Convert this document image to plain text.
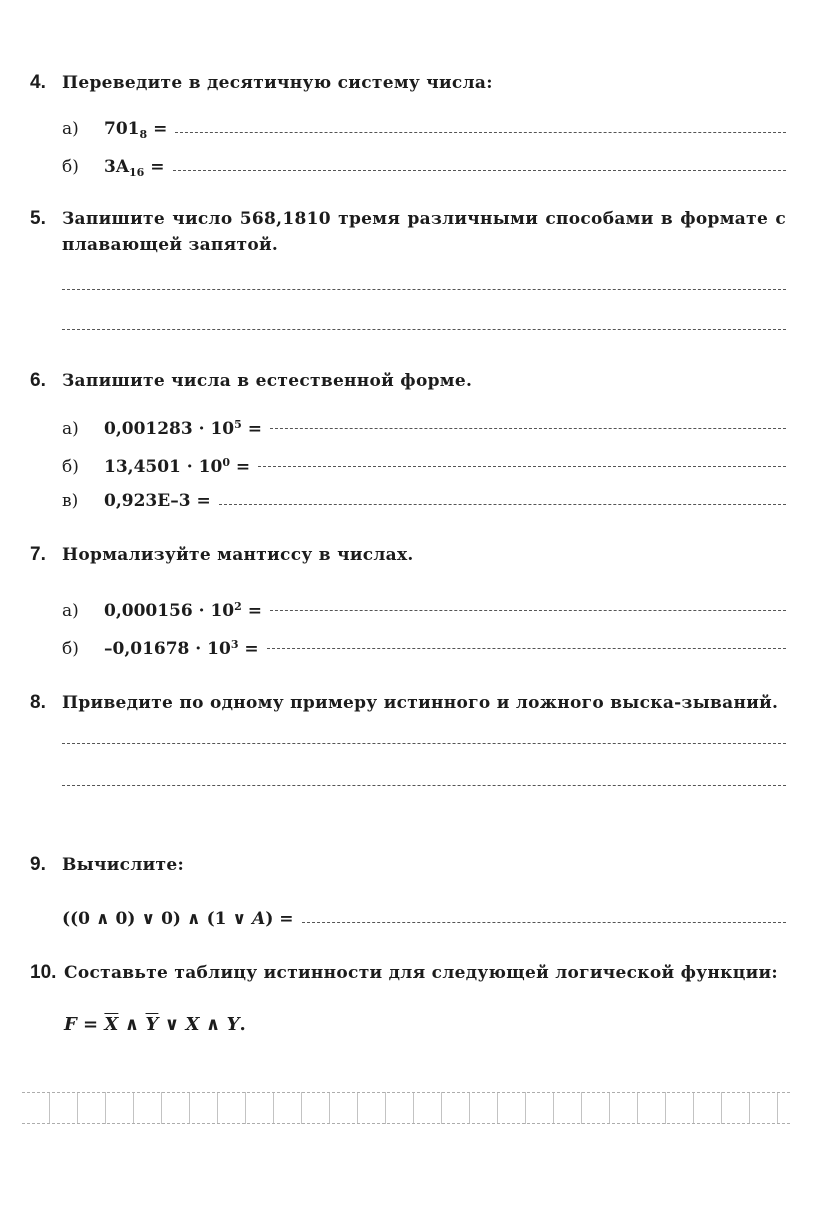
4. Переведите в десятичную систему числа:
а)	$701_8$ =
б)	$3A_{16}$ =
5. Запишите число 568,1810 тремя различными способами в формате с плавающей запятой.
6. Запишите числа в естественной форме.
а)	$0,001283 \cdot 10^5$ =
б)	$13,4501 \cdot 10^0$ =
в)	0,923E–3 =
7. Нормализуйте мантиссу в числах.
а)	$0,000156 \cdot 10^2$ =
б)	$-0,01678 \cdot 10^3$ =
8. Приведите по одному примеру истинного и ложного выска-зываний.
9. Вычислите:
((0 ∧ 0) ∨ 0) ∧ (1 ∨ A) =
10. Составьте таблицу истинности для следующей логической функции:
$F = \overline{X}$ ∧ $\overline{Y}$ ∨ X ∧ Y.
